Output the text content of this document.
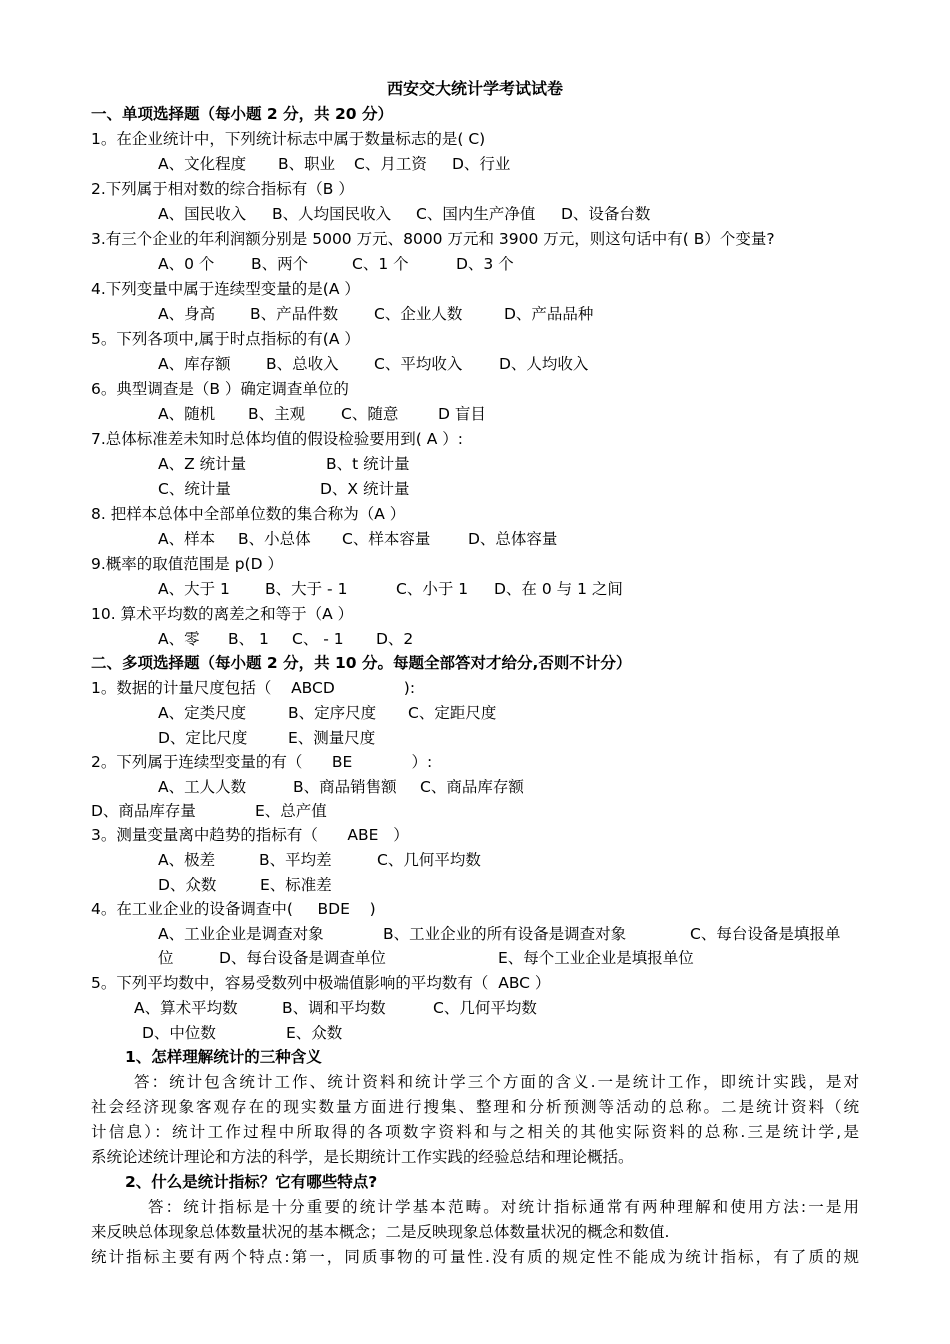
西安交大统计学考试试卷
一、单项选择题（每小题 2 分，共 20 分）
1。在企业统计中，下列统计标志中属于数量标志的是( C)

A、文化程度

B、职业

C、月工资

D、行业

2.下列属于相对数的综合指标有（B ）

A、国民收入

B、人均国民收入

C、国内生产净值

D、设备台数

3.有三个企业的年利润额分别是 5000 万元、8000 万元和 3900 万元，则这句话中有( B）个变量?

A、0 个

B、两个

	C、1 个

	D、3 个

4.下列变量中属于连续型变量的是(A ）

A、身高

B、产品件数

C、企业人数

	D、产品品种

5。下列各项中,属于时点指标的有(A ）

A、库存额

B、总收入

C、平均收入

D、人均收入

6。典型调查是（B ）确定调查单位的

A、随机

B、主观

C、随意

	D 盲目

7.总体标准差未知时总体均值的假设检验要用到( A ）:

A、Z 统计量

	B、t 统计量

C、统计量

	D、X 统计量

8. 把样本总体中全部单位数的集合称为（A ）

A、样本

B、小总体

C、样本容量

D、总体容量

9.概率的取值范围是 p(D ）

A、大于 1

B、大于 - 1

	C、小于 1

D、在 0 与 1 之间

10. 算术平均数的离差之和等于（A ）

A、零

B、 1

C、 - 1

D、2

二、多项选择题（每小题 2 分，共 10 分。每题全部答对才给分,否则不计分）
1。数据的计量尺度包括（    ABCD              ):

A、定类尺度

	B、定序尺度

C、定距尺度

D、定比尺度

	E、测量尺度

2。下列属于连续型变量的有（      BE            ）:

A、工人人数

	B、商品销售额

C、商品库存额

D、商品库存量

	E、总产值

3。测量变量离中趋势的指标有（      ABE   ）

A、极差

	B、平均差

	C、几何平均数

D、众数

	E、标准差

4。在工业企业的设备调查中(     BDE    )

A、工业企业是调查对象

	B、工业企业的所有设备是调查对象

	C、每台设备是填报单

位

	D、每台设备是调查单位

	E、每个工业企业是填报单位

5。下列平均数中，容易受数列中极端值影响的平均数有（  ABC ）

A、算术平均数

	B、调和平均数

	C、几何平均数

D、中位数

	E、众数

1、怎样理解统计的三种含义
答：统计包含统计工作、统计资料和统计学三个方面的含义.一是统计工作，即统计实践，是对
社会经济现象客观存在的现实数量方面进行搜集、整理和分析预测等活动的总称。二是统计资料（统
计信息）：统计工作过程中所取得的各项数字资料和与之相关的其他实际资料的总称.三是统计学,是
系统论述统计理论和方法的科学，是长期统计工作实践的经验总结和理论概括。
2、什么是统计指标？它有哪些特点?
答：统计指标是十分重要的统计学基本范畴。对统计指标通常有两种理解和使用方法:一是用
来反映总体现象总体数量状况的基本概念；二是反映现象总体数量状况的概念和数值.
统计指标主要有两个特点:第一，同质事物的可量性.没有质的规定性不能成为统计指标，有了质的规
